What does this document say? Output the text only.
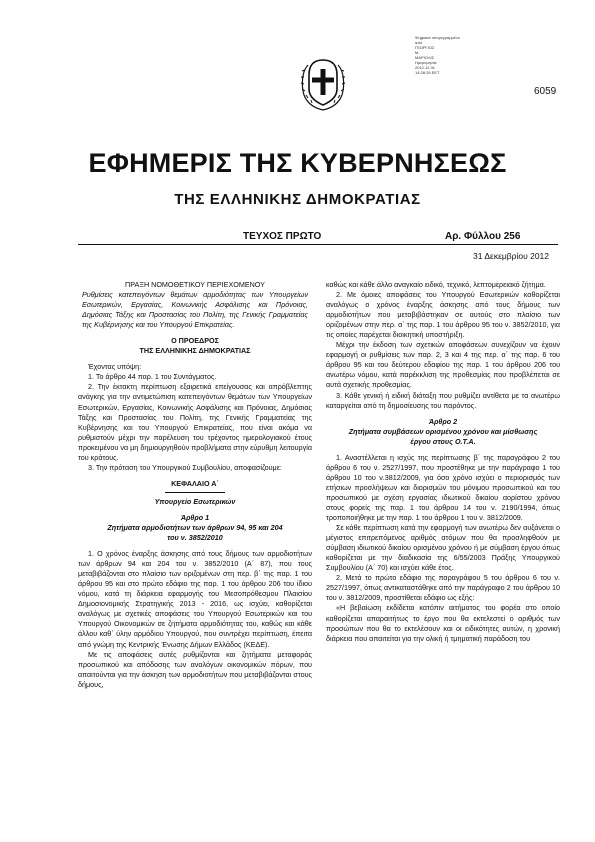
6059
Ψηφιακά υπογεγραμμένο
από
ΓΕΩΡΓΙΟΣ
Μ.
ΜΑΡΙΟΛΙΣ
Ημερομηνία:
2012.12.31
14:28:26 EET
ΕΦΗΜΕΡΙΣ ΤΗΣ ΚΥΒΕΡΝΗΣΕΩΣ
ΤΗΣ ΕΛΛΗΝΙΚΗΣ ΔΗΜΟΚΡΑΤΙΑΣ
ΤΕΥΧΟΣ ΠΡΩΤΟ	Αρ. Φύλλου 256
31 Δεκεμβρίου 2012

ΠΡΑΞΗ ΝΟΜΟΘΕΤΙΚΟΥ ΠΕΡΙΕΧΟΜΕΝΟΥ

Ρυθμίσεις κατεπειγόντων θεμάτων αρμοδιότητας των Υπουργείων Εσωτερικών, Εργασίας, Κοινωνικής Ασφάλισης και Πρόνοιας, Δημόσιας Τάξης και Προστασίας του Πολίτη, της Γενικής Γραμματείας της Κυβέρνησης και του Υπουργού Επικρατείας.

Ο ΠΡΟΕΔΡΟΣ

ΤΗΣ ΕΛΛΗΝΙΚΗΣ ΔΗΜΟΚΡΑΤΙΑΣ

Έχοντας υπόψη:

1. Το άρθρο 44 παρ. 1 του Συντάγματος.

2. Την έκτακτη περίπτωση εξαιρετικά επείγουσας και απρόβλεπτης ανάγκης για την αντιμετώπιση κατεπειγόντων θεμάτων των Υπουργείων Εσωτερικών, Εργασίας, Κοινωνικής Ασφάλισης και Πρόνοιας, Δημόσιας Τάξης και Προστασίας του Πολίτη, της Γενικής Γραμματείας της Κυβέρνησης και του Υπουργού Επικρατείας, που είναι ακόμα να ρυθμιστούν μέχρι την παρέλευση του τρέχοντος ημερολογιακού έτους προκειμένου να μη δημιουργηθούν προβλήματα στην εύρυθμη λειτουργία του κράτους.

3. Την πρόταση του Υπουργικού Συμβουλίου, αποφασίζουμε:

ΚΕΦΑΛΑΙΟ Α΄

Υπουργείο Εσωτερικών

Άρθρο 1

Ζητήματα αρμοδιοτήτων των άρθρων 94, 95 και 204 του ν. 3852/2010

1. Ο χρόνος έναρξης άσκησης από τους δήμους των αρμοδιοτήτων των άρθρων 94 και 204 του ν. 3852/2010 (Α΄ 87), που τους μεταβιβάζονται στο πλαίσιο των οριζομένων στη περ. β΄ της παρ. 1 του άρθρου 95 και στο πρώτο εδάφιο της παρ. 1 του άρθρου 206 του ίδιου νόμου, κατά τη διάρκεια εφαρμογής του Μεσοπρόθεσμου Πλαισίου Δημοσιονομικής Στρατηγικής 2013 - 2016, ως ισχύει, καθορίζεται αναλόγως με σχετικές αποφάσεις του Υπουργού Εσωτερικών και του Υπουργού Οικονομικών σε ζητήματα αρμοδιότητας του, καθώς και κάθε άλλου καθ΄ ύλην αρμόδιου Υπουργού, που συντρέχει περίπτωση, έπειτα από γνώμη της Κεντρικής Ένωσης Δήμων Ελλάδος (ΚΕΔΕ).

Με τις αποφάσεις αυτές ρυθμίζονται και ζητήματα μεταφοράς προσωπικού και απόδοσης των αναλόγων οικονομικών πόρων, που απαιτούνται για την άσκηση των αρμοδιοτήτων που μεταβιβάζονται στους δήμους,

καθώς και κάθε άλλο αναγκαίο ειδικό, τεχνικό, λεπτομερειακό ζήτημα.

2. Με όμοιες αποφάσεις του Υπουργού Εσωτερικών καθορίζεται αναλόγως ο χρόνος έναρξης άσκησης από τους δήμους των αρμοδιοτήτων που μεταβιβάστηκαν σε αυτούς στο πλαίσιο των οριζομένων στην περ. α΄ της παρ. 1 του άρθρου 95 του ν. 3852/2010, για τις οποίες παρέχεται διοικητική υποστήριξη.

Μέχρι την έκδοση των σχετικών αποφάσεων συνεχίζουν να έχουν εφαρμογή οι ρυθμίσεις των παρ. 2, 3 και 4 της περ. α΄ της παρ. 6 του άρθρου 95 και του δεύτερου εδαφίου της παρ. 1 του άρθρου 206 του ανωτέρω νόμου, κατά παρέκκλιση της προθεσμίας που προβλέπεται σε αυτά σχετικής προθεσμίας.

3. Κάθε γενική ή ειδική διάταξη που ρυθμίζει αντίθετα με τα ανωτέρω καταργείται από τη δημοσίευσης του παρόντος.

Άρθρο 2

Ζητήματα συμβάσεων ορισμένου χρόνου και μίσθωσης έργου στους Ο.Τ.Α.

1. Αναστέλλεται η ισχύς της περίπτωσης β΄ της παραγράφου 2 του άρθρου 6 του ν. 2527/1997, που προστέθηκε με την παράγραφο 1 του άρθρου 10 του ν.3812/2009, για όσο χρόνο ισχύει ο περιορισμός των ετήσιων προσλήψεων και διορισμών του μόνιμου προσωπικού και του προσωπικού με σχέση εργασίας ιδιωτικού δικαίου αορίστου χρόνου στους φορείς της παρ. 1 του άρθρου 14 του ν. 2190/1994, όπως τροποποιήθηκε με την παρ. 1 του άρθρου 1 του ν. 3812/2009.

Σε κάθε περίπτωση κατά την εφαρμογή των ανωτέρω δεν αυξάνεται ο μέγιστος επιτρεπόμενος αριθμός ατόμων που θα προσληφθούν με σύμβαση ιδιωτικού δικαίου ορισμένου χρόνου ή με σύμβαση έργου όπως καθορίζεται με την διαδικασία της 6/55/2003 Πράξης Υπουργικού Συμβουλίου (Α΄ 70) και ισχύει κάθε έτος.

2. Μετά το πρώτο εδάφιο της παραγράφου 5 του άρθρου 6 του ν. 2527/1997, όπως αντικαταστάθηκε από την παράγραφο 2 του άρθρου 10 του ν. 3812/2009, προστίθεται εδάφιο ως εξής:

«Η βεβαίωση εκδίδεται κατόπιν αιτήματος του φορέα στο οποίο καθορίζεται απαραιτήτως το έργο που θα εκτελεστεί ο αριθμός των προσώπων που θα το εκτελέσουν και οι ειδικότητες αυτών, η χρονική διάρκεια που απαιτείται για την ολική ή τμηματική παράδοση του
